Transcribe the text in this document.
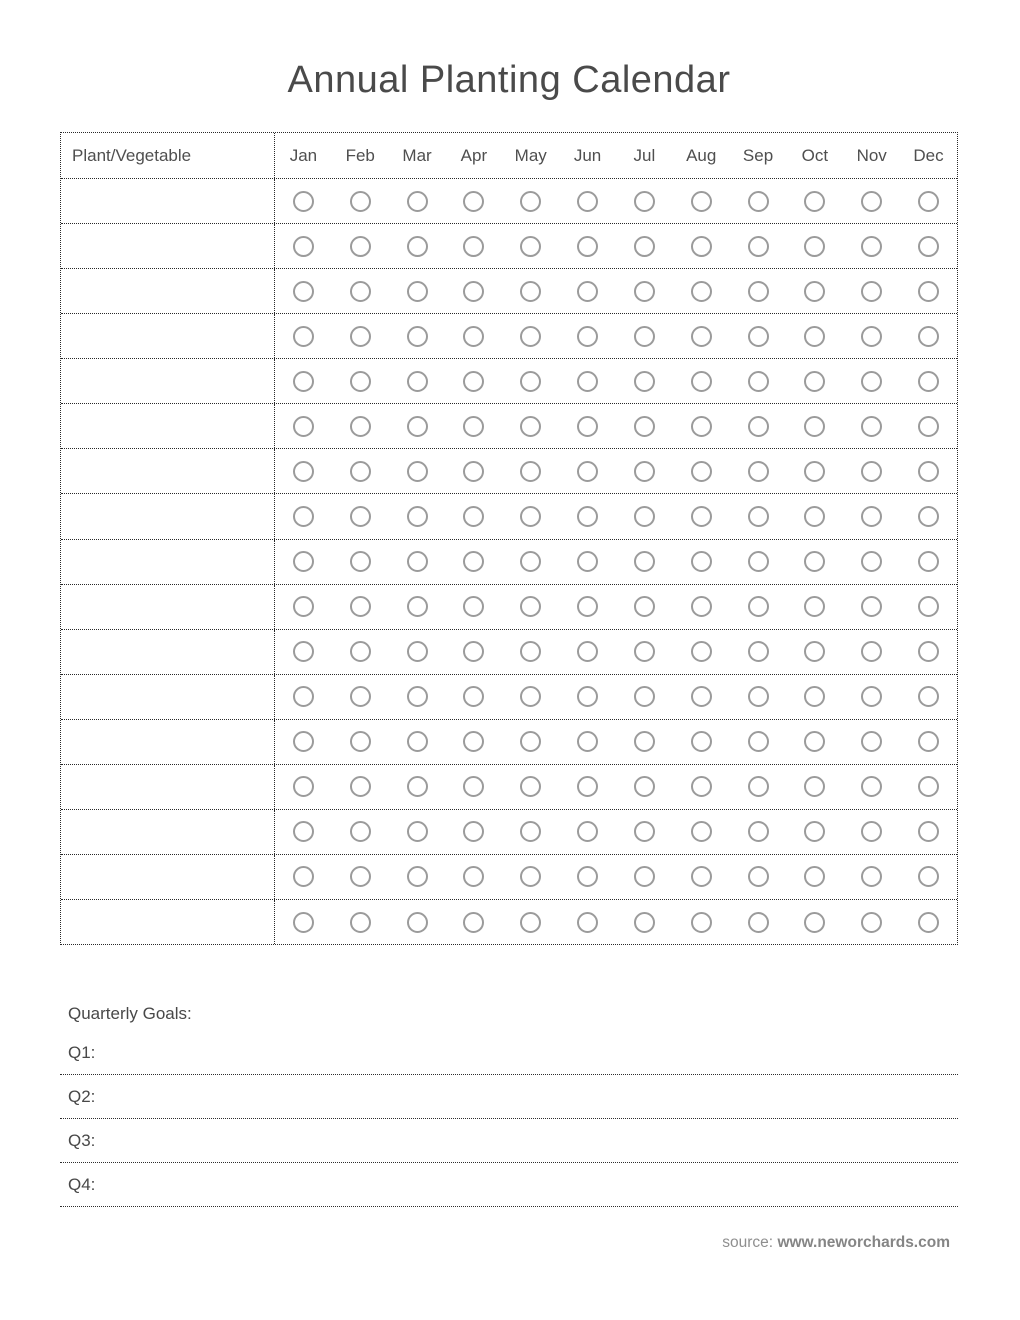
Annual Planting Calendar
Plant/Vegetable	Jan	Feb	Mar	Apr	May	Jun	Jul	Aug	Sep	Oct	Nov	Dec

Quarterly Goals:

Q1:
Q2:
Q3:
Q4:
source: www.neworchards.com
